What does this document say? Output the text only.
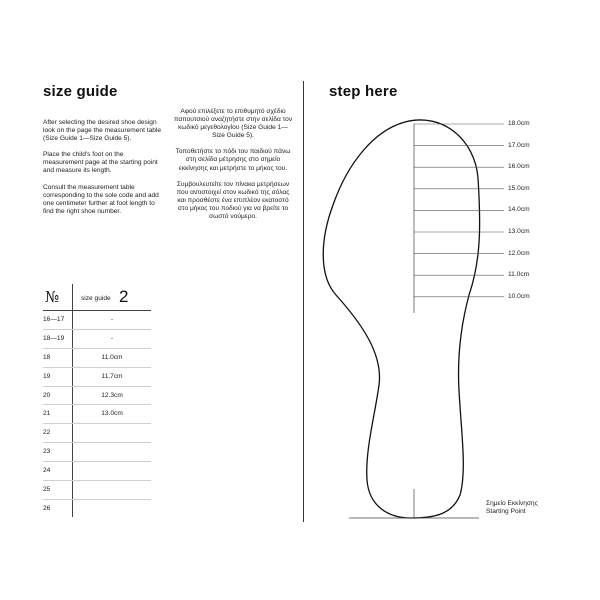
size guide	step here

After selecting the desired shoe design look on the page the measurement table (Size Guide 1—Size Guide 5).

Place the child's foot on the measurement page at the starting point and measure its length.

Consult the measurement table corresponding to the sole code and add one centimeter further at foot length to find the right shoe number.

Αφού επιλέξετε το επιθυμητό σχέδιο παπουτσιού αναζητήστε στην σελίδα τον κωδικό μεγεθολογίου (Size Guide 1—Size Guide 5).

Τοποθετήστε το πόδι του παιδιού πάνω στη σελίδα μέτρησης στο σημείο εκκίνησης και μετρήστε το μήκος του.

Συμβουλευτείτε τον πίνακα μετρήσεων που αντιστοιχεί στον κωδικό της σόλας και προσθέστε ένα επιπλέον εκατοστό στο μήκος του ποδιού για να βρείτε το σωστό νούμερο.

№	size guide 2
16—17	-
18—19	-
18	11.0cm
19	11.7cm
20	12.3cm
21	13.0cm
22
23
24
25
26
18.0cm
17.0cm
16.0cm
15.0cm
14.0cm
13.0cm
12.0cm
11.0cm
10.0cm
Σημείο Εκκίνησης
Starting Point
